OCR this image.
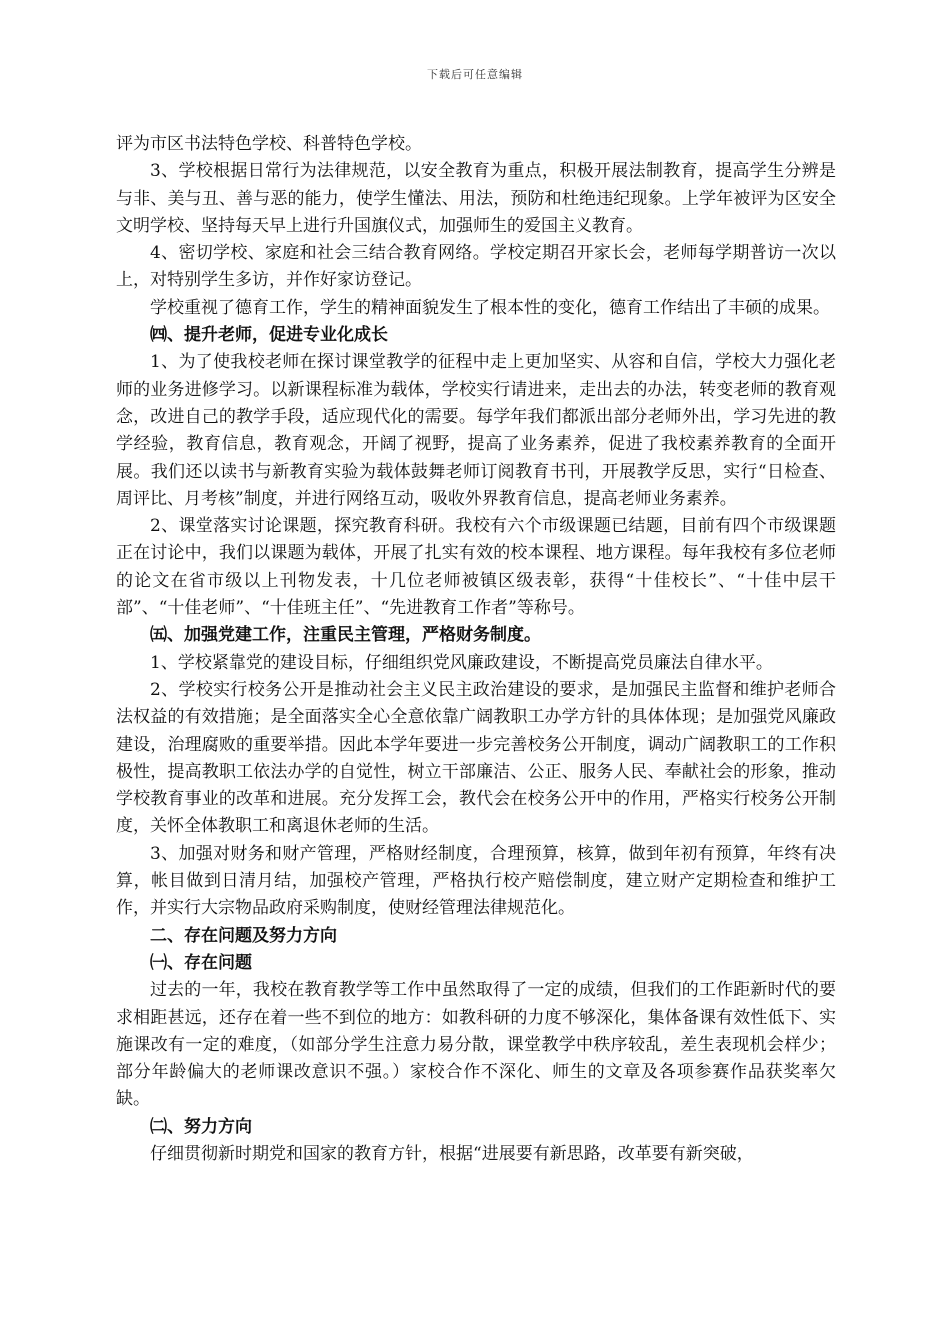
下载后可任意编辑

评为市区书法特色学校、科普特色学校。

3、学校根据日常行为法律规范，以安全教育为重点，积极开展法制教育，提高学生分辨是与非、美与丑、善与恶的能力，使学生懂法、用法，预防和杜绝违纪现象。上学年被评为区安全文明学校、坚持每天早上进行升国旗仪式，加强师生的爱国主义教育。

4、密切学校、家庭和社会三结合教育网络。学校定期召开家长会，老师每学期普访一次以上，对特别学生多访，并作好家访登记。

学校重视了德育工作，学生的精神面貌发生了根本性的变化，德育工作结出了丰硕的成果。

㈣、提升老师，促进专业化成长

1、为了使我校老师在探讨课堂教学的征程中走上更加坚实、从容和自信，学校大力强化老师的业务进修学习。以新课程标准为载体，学校实行请进来，走出去的办法，转变老师的教育观念，改进自己的教学手段，适应现代化的需要。每学年我们都派出部分老师外出，学习先进的教学经验，教育信息，教育观念，开阔了视野，提高了业务素养，促进了我校素养教育的全面开展。我们还以读书与新教育实验为载体鼓舞老师订阅教育书刊，开展教学反思，实行“日检查、周评比、月考核”制度，并进行网络互动，吸收外界教育信息，提高老师业务素养。

2、课堂落实讨论课题，探究教育科研。我校有六个市级课题已结题，目前有四个市级课题正在讨论中，我们以课题为载体，开展了扎实有效的校本课程、地方课程。每年我校有多位老师的论文在省市级以上刊物发表，十几位老师被镇区级表彰，获得“十佳校长”、“十佳中层干部”、“十佳老师”、“十佳班主任”、“先进教育工作者”等称号。

㈤、加强党建工作，注重民主管理，严格财务制度。

1、学校紧靠党的建设目标，仔细组织党风廉政建设，不断提高党员廉法自律水平。

2、学校实行校务公开是推动社会主义民主政治建设的要求，是加强民主监督和维护老师合法权益的有效措施；是全面落实全心全意依靠广阔教职工办学方针的具体体现；是加强党风廉政建设，治理腐败的重要举措。因此本学年要进一步完善校务公开制度，调动广阔教职工的工作积极性，提高教职工依法办学的自觉性，树立干部廉洁、公正、服务人民、奉献社会的形象，推动学校教育事业的改革和进展。充分发挥工会，教代会在校务公开中的作用，严格实行校务公开制度，关怀全体教职工和离退休老师的生活。

3、加强对财务和财产管理，严格财经制度，合理预算，核算，做到年初有预算，年终有决算，帐目做到日清月结，加强校产管理，严格执行校产赔偿制度，建立财产定期检查和维护工作，并实行大宗物品政府采购制度，使财经管理法律规范化。

二、存在问题及努力方向

㈠、存在问题

过去的一年，我校在教育教学等工作中虽然取得了一定的成绩，但我们的工作距新时代的要求相距甚远，还存在着一些不到位的地方：如教科研的力度不够深化，集体备课有效性低下、实施课改有一定的难度，（如部分学生注意力易分散，课堂教学中秩序较乱，差生表现机会样少；部分年龄偏大的老师课改意识不强。）家校合作不深化、师生的文章及各项参赛作品获奖率欠缺。

㈡、努力方向

仔细贯彻新时期党和国家的教育方针，根据“进展要有新思路，改革要有新突破，
